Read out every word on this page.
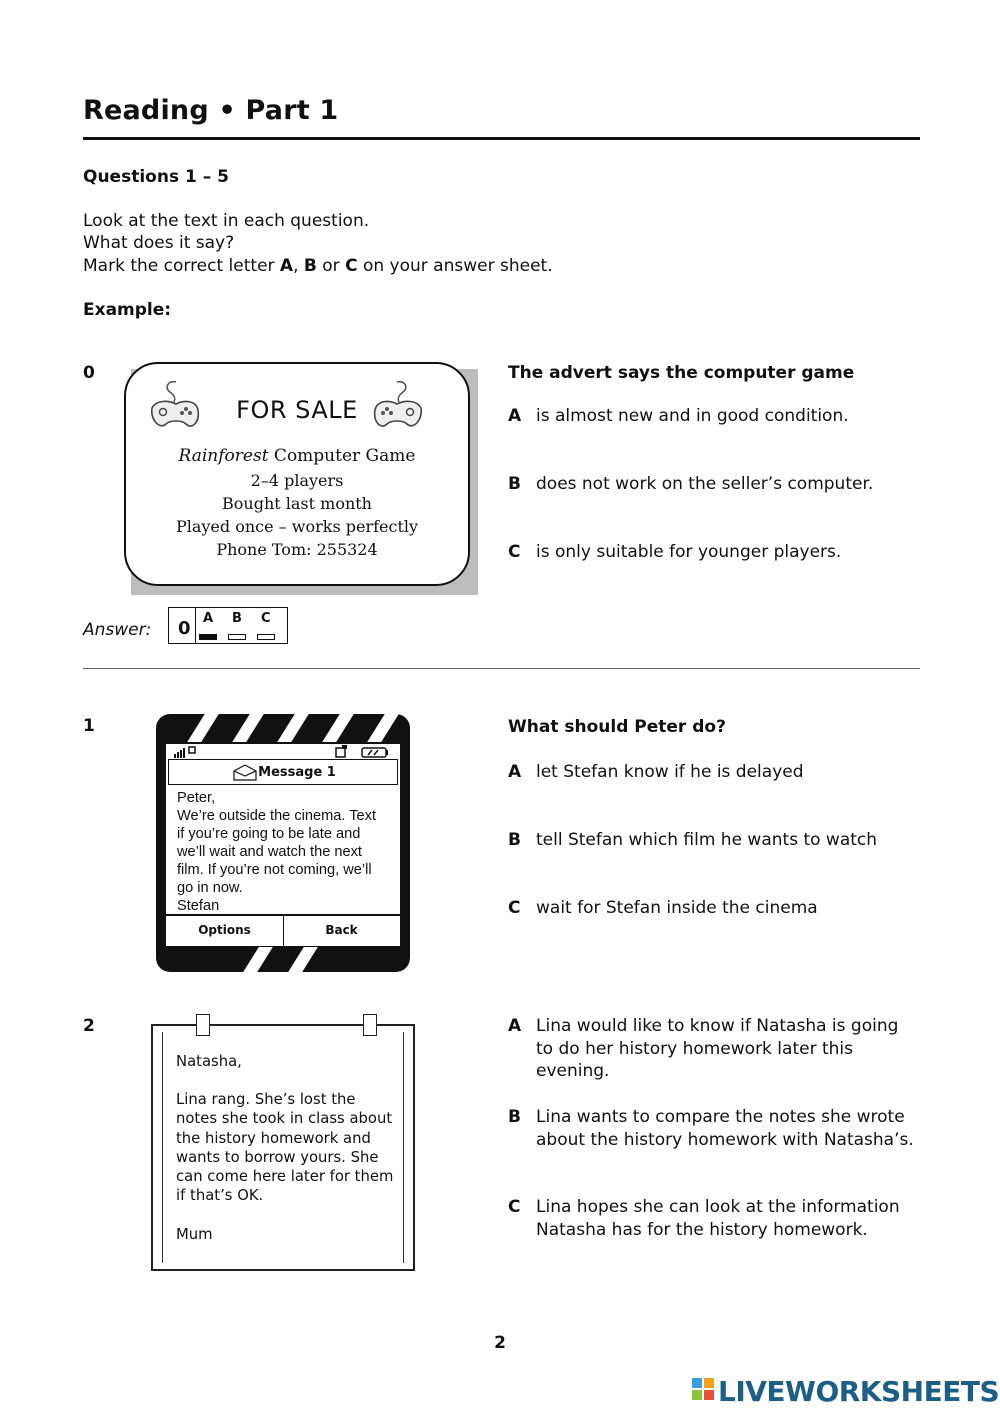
Reading • Part 1
Questions 1 – 5
Look at the text in each question.
What does it say?
Mark the correct letter A, B or C on your answer sheet.
Example:
0
FOR SALE
Rainforest Computer Game
2–4 players
Bought last month
Played once – works perfectly
Phone Tom: 255324
The advert says the computer game
A is almost new and in good condition.
B does not work on the seller’s computer.
C is only suitable for younger players.
Answer: 0 A B C
1
Message 1
Peter,
We’re outside the cinema. Text
if you’re going to be late and
we’ll wait and watch the next
film. If you’re not coming, we’ll
go in now.
Stefan
Options	Back
What should Peter do?
A let Stefan know if he is delayed
B tell Stefan which film he wants to watch
C wait for Stefan inside the cinema
2
Natasha,
Lina rang. She’s lost the
notes she took in class about
the history homework and
wants to borrow yours. She
can come here later for them
if that’s OK.
Mum
A Lina would like to know if Natasha is going to do her history homework later this evening.
B Lina wants to compare the notes she wrote about the history homework with Natasha’s.
C Lina hopes she can look at the information Natasha has for the history homework.
2
LIVEWORKSHEETS
